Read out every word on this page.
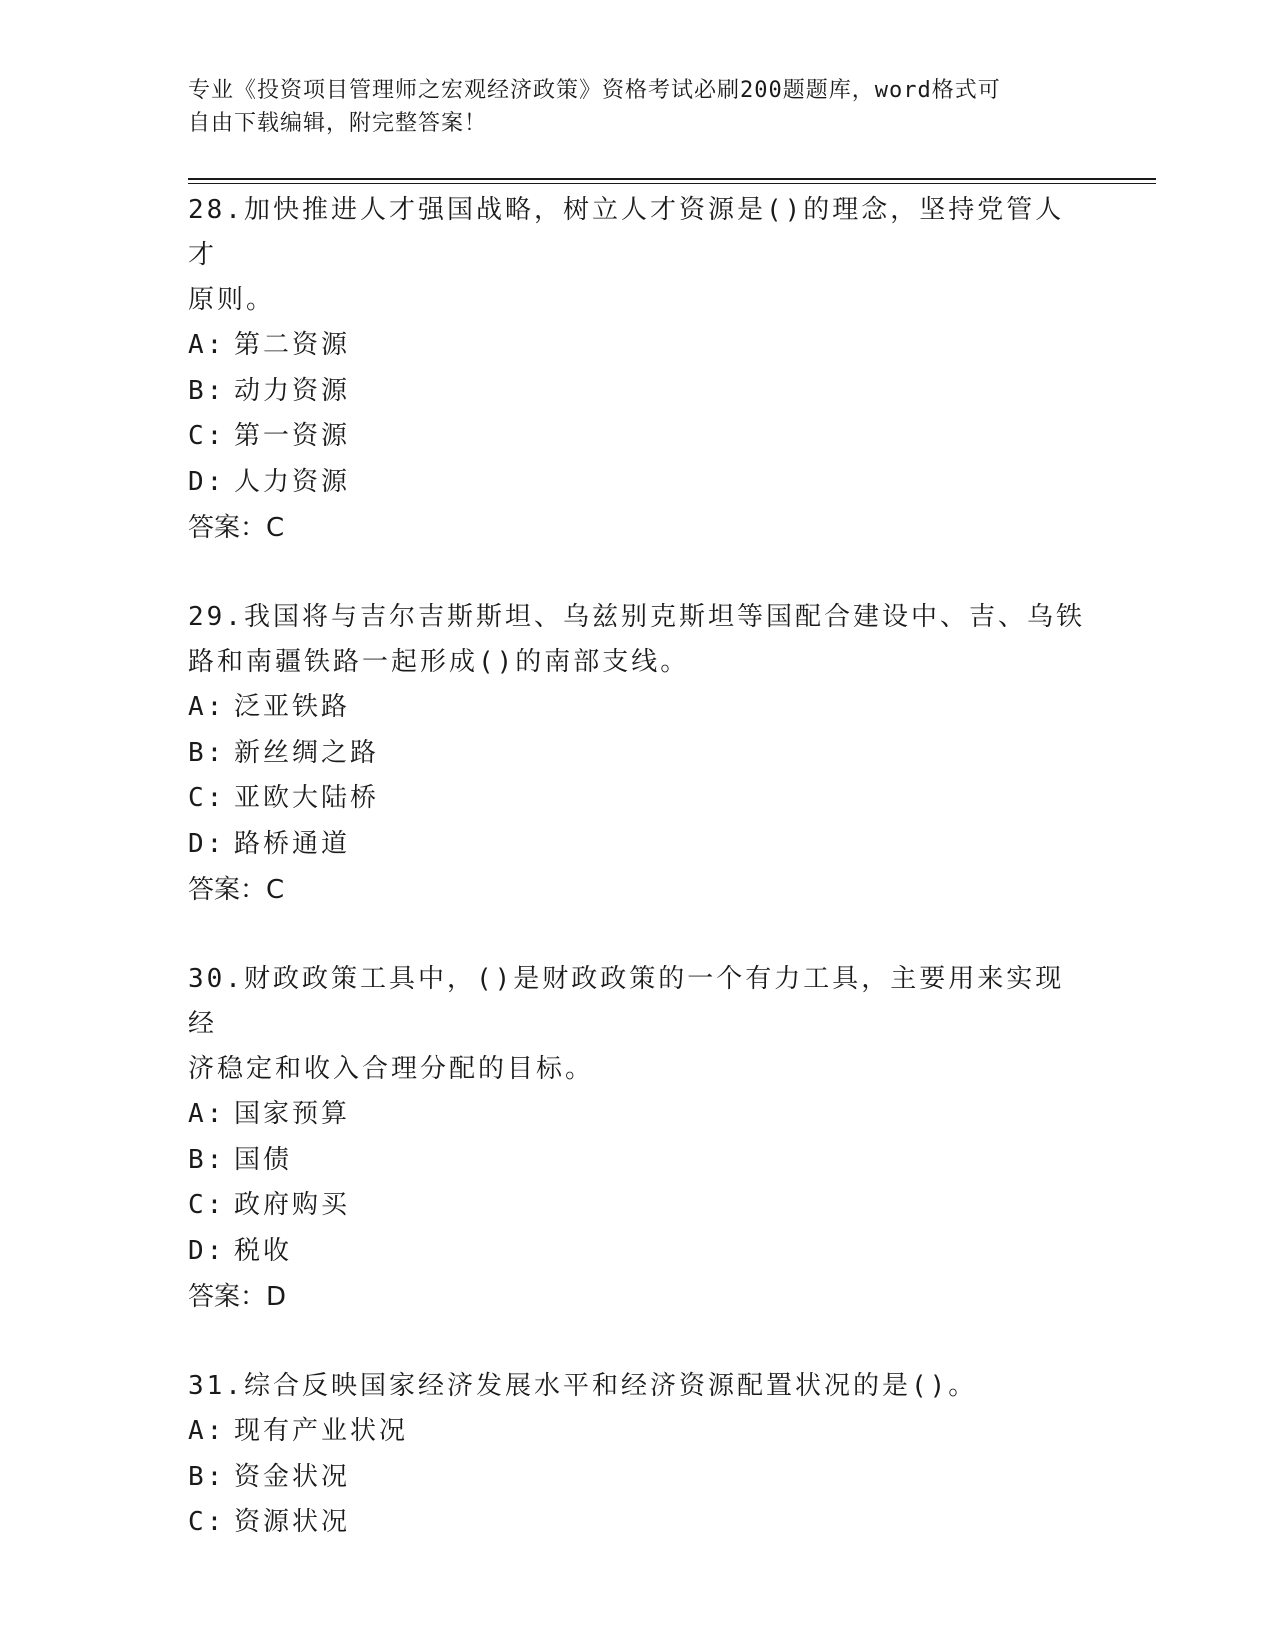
专业《投资项目管理师之宏观经济政策》资格考试必刷200题题库，word格式可
自由下载编辑，附完整答案！
28.加快推进人才强国战略，树立人才资源是()的理念，坚持党管人才
原则。
A: 第二资源
B: 动力资源
C: 第一资源
D: 人力资源
答案：C
29.我国将与吉尔吉斯斯坦、乌兹别克斯坦等国配合建设中、吉、乌铁
路和南疆铁路一起形成()的南部支线。
A: 泛亚铁路
B: 新丝绸之路
C: 亚欧大陆桥
D: 路桥通道
答案：C
30.财政政策工具中，()是财政政策的一个有力工具，主要用来实现经
济稳定和收入合理分配的目标。
A: 国家预算
B: 国债
C: 政府购买
D: 税收
答案：D
31.综合反映国家经济发展水平和经济资源配置状况的是()。
A: 现有产业状况
B: 资金状况
C: 资源状况
